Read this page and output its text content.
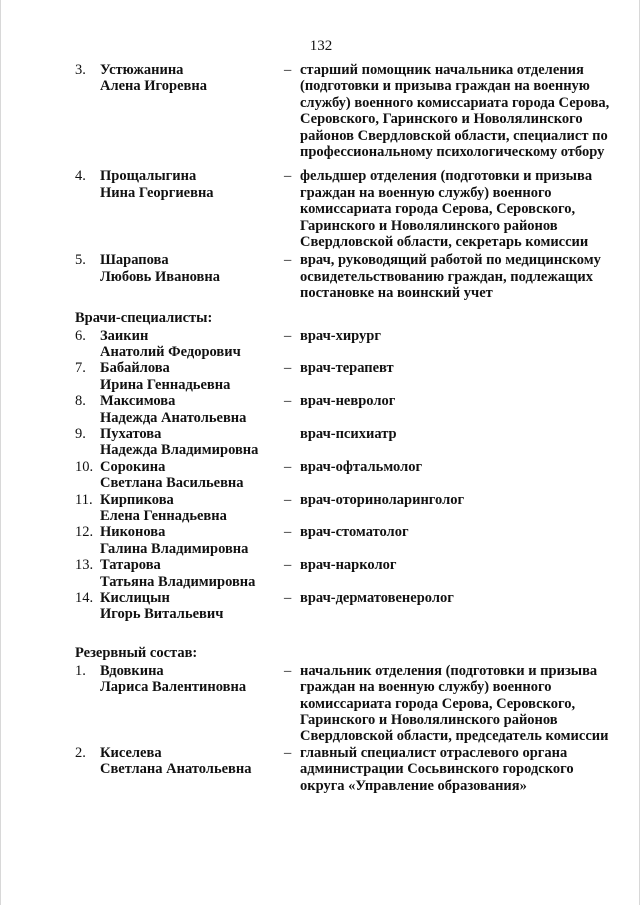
132
3. Устюжанина
Алена Игоревна
– старший помощник начальника отделения
(подготовки и призыва граждан на военную
службу) военного комиссариата города Серова,
Серовского, Гаринского и Новолялинского
районов Свердловской области, специалист по
профессиональному психологическому отбору
4. Прощалыгина
Нина Георгиевна
– фельдшер отделения (подготовки и призыва
граждан на военную службу) военного
комиссариата города Серова, Серовского,
Гаринского и Новолялинского районов
Свердловской области, секретарь комиссии
5. Шарапова
Любовь Ивановна
– врач, руководящий работой по медицинскому
освидетельствованию граждан, подлежащих
постановке на воинский учет
Врачи-специалисты:
6. Заикин
Анатолий Федорович
– врач-хирург
7. Бабайлова
Ирина Геннадьевна
– врач-терапевт
8. Максимова
Надежда Анатольевна
– врач-невролог
9. Пухатова
Надежда Владимировна
врач-психиатр
10. Сорокина
Светлана Васильевна
– врач-офтальмолог
11. Кирпикова
Елена Геннадьевна
– врач-оториноларинголог
12. Никонова
Галина Владимировна
– врач-стоматолог
13. Татарова
Татьяна Владимировна
– врач-нарколог
14. Кислицын
Игорь Витальевич
– врач-дерматовенеролог
Резервный состав:
1. Вдовкина
Лариса Валентиновна
– начальник отделения (подготовки и призыва
граждан на военную службу) военного
комиссариата города Серова, Серовского,
Гаринского и Новолялинского районов
Свердловской области, председатель комиссии
2. Киселева
Светлана Анатольевна
– главный специалист отраслевого органа
администрации Сосьвинского городского
округа «Управление образования»
